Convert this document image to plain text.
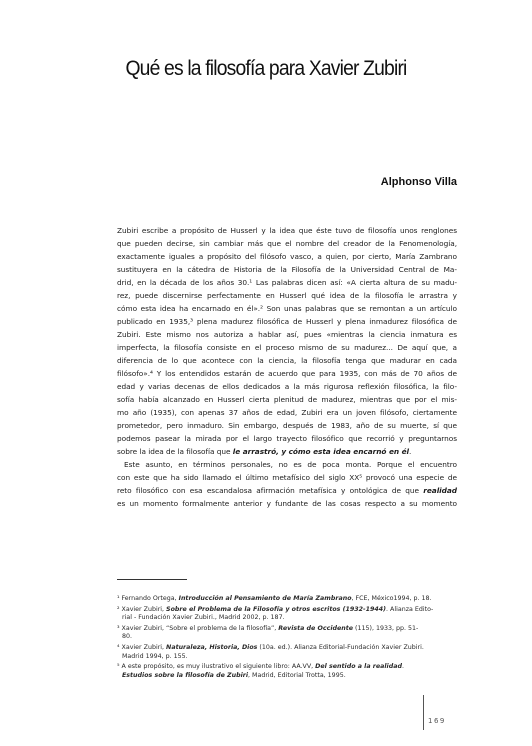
Qué es la filosofía para Xavier Zubiri
Alphonso Villa
Zubiri escribe a propósito de Husserl y la idea que éste tuvo de filosofía unos renglones
que pueden decirse, sin cambiar más que el nombre del creador de la Fenomenología,
exactamente iguales a propósito del filósofo vasco, a quien, por cierto, María Zambrano
sustituyera en la cátedra de Historia de la Filosofía de la Universidad Central de Ma-
drid, en la década de los años 30.¹ Las palabras dicen así: «A cierta altura de su madu-
rez, puede discernirse perfectamente en Husserl qué idea de la filosofía le arrastra y
cómo esta idea ha encarnado en él».² Son unas palabras que se remontan a un artículo
publicado en 1935,³ plena madurez filosófica de Husserl y plena inmadurez filosófica de
Zubiri. Este mismo nos autoriza a hablar así, pues «mientras la ciencia inmatura es
imperfecta, la filosofía consiste en el proceso mismo de su madurez... De aquí que, a
diferencia de lo que acontece con la ciencia, la filosofía tenga que madurar en cada
filósofo».⁴ Y los entendidos estarán de acuerdo que para 1935, con más de 70 años de
edad y varias decenas de ellos dedicados a la más rigurosa reflexión filosófica, la filo-
sofía había alcanzado en Husserl cierta plenitud de madurez, mientras que por el mis-
mo año (1935), con apenas 37 años de edad, Zubiri era un joven filósofo, ciertamente
prometedor, pero inmaduro. Sin embargo, después de 1983, año de su muerte, sí que
podemos pasear la mirada por el largo trayecto filosófico que recorrió y preguntarnos
sobre la idea de la filosofía que le arrastró, y cómo esta idea encarnó en él.
Este asunto, en términos personales, no es de poca monta. Porque el encuentro
con este que ha sido llamado el último metafísico del siglo XX⁵ provocó una especie de
reto filosófico con esa escandalosa afirmación metafísica y ontológica de que realidad
es un momento formalmente anterior y fundante de las cosas respecto a su momento
¹ Fernando Ortega, Introducción al Pensamiento de María Zambrano, FCE, México1994, p. 18.
² Xavier Zubiri, Sobre el Problema de la Filosofía y otros escritos (1932-1944). Alianza Edito-
rial - Fundación Xavier Zubiri., Madrid 2002, p. 187.
³ Xavier Zubiri, “Sobre el problema de la filosofía”, Revista de Occidente (115), 1933, pp. 51-
80.
⁴ Xavier Zubiri, Naturaleza, Historia, Dios (10a. ed.). Alianza Editorial-Fundación Xavier Zubiri.
Madrid 1994, p. 155.
⁵ A este propósito, es muy ilustrativo el siguiente libro: AA.VV, Del sentido a la realidad.
Estudios sobre la filosofía de Zubiri, Madrid, Editorial Trotta, 1995.
169
